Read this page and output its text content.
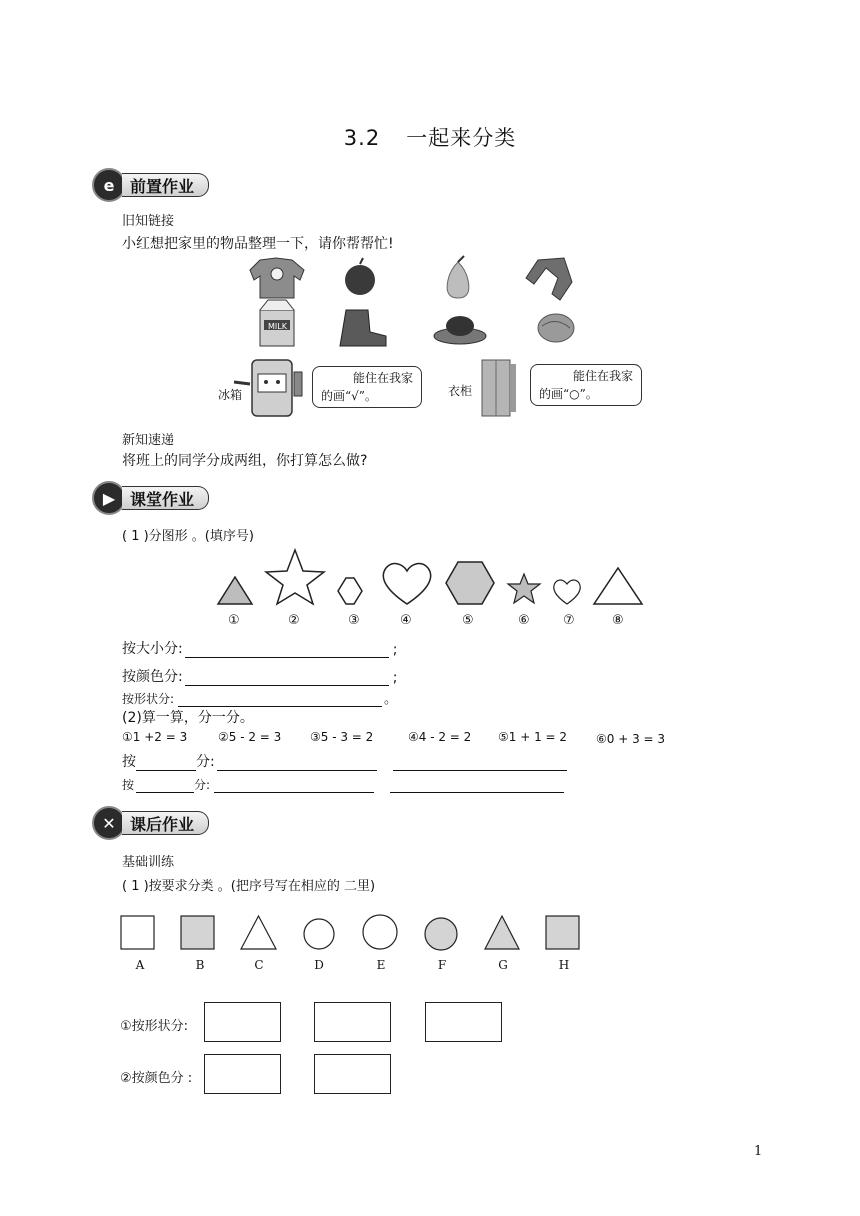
3.2 一起来分类
e 前置作业
旧知链接
小红想把家里的物品整理一下，请你帮帮忙!
MILK
冰箱
能住在我家
的画“√”。	衣柜
能住在我家
的画“○”。
新知速递
将班上的同学分成两组，你打算怎么做?
▶ 课堂作业
( 1 )分图形 。(填序号)
①	②	③	④	⑤	⑥	⑦	⑧
按大小分:	;
按颜色分:	;
按形状分:	。
(2)算一算，分一分。
①1 +2 = 3	②5 - 2 = 3 ③5 - 3 = 2	④4 - 2 = 2 ⑤1 + 1 = 2 ⑥0 + 3 = 3
按	分:
按	分:
✕ 课后作业
基础训练
( 1 )按要求分类 。(把序号写在相应的 二里)
A	B	C	D	E	F	G	H
①按形状分:
②按颜色分 :
1
